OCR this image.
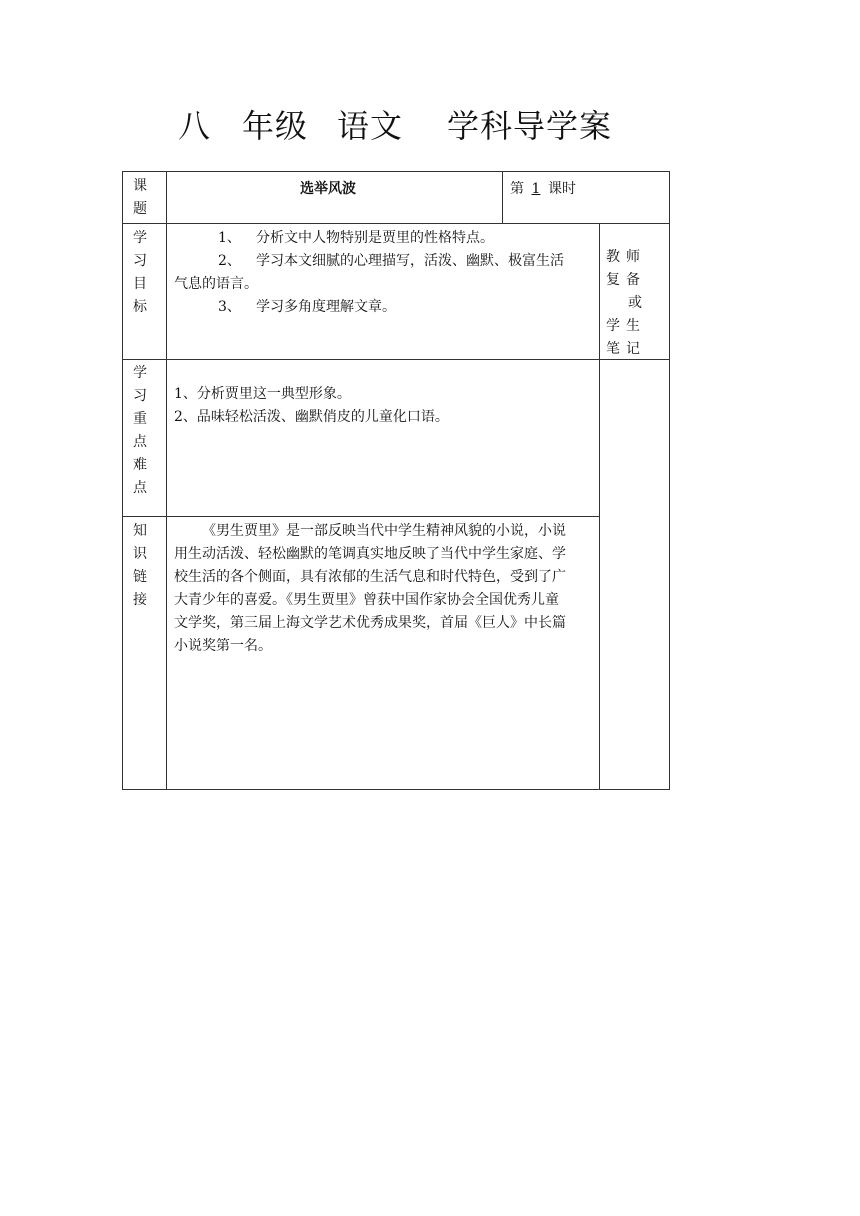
八 年级 语文 学科导学案
课题
选举风波	第 1 课时
学习目标
1、 分析文中人物特别是贾里的性格特点。
2、 学习本文细腻的心理描写，活泼、幽默、极富生活
气息的语言。
3、 学习多角度理解文章。
教师复备
或
学生笔记
学习重点难点
1、分析贾里这一典型形象。
2、品味轻松活泼、幽默俏皮的儿童化口语。
知识链接
《男生贾里》是一部反映当代中学生精神风貌的小说，小说
用生动活泼、轻松幽默的笔调真实地反映了当代中学生家庭、学
校生活的各个侧面，具有浓郁的生活气息和时代特色，受到了广
大青少年的喜爱。《男生贾里》曾获中国作家协会全国优秀儿童
文学奖，第三届上海文学艺术优秀成果奖，首届《巨人》中长篇
小说奖第一名。
